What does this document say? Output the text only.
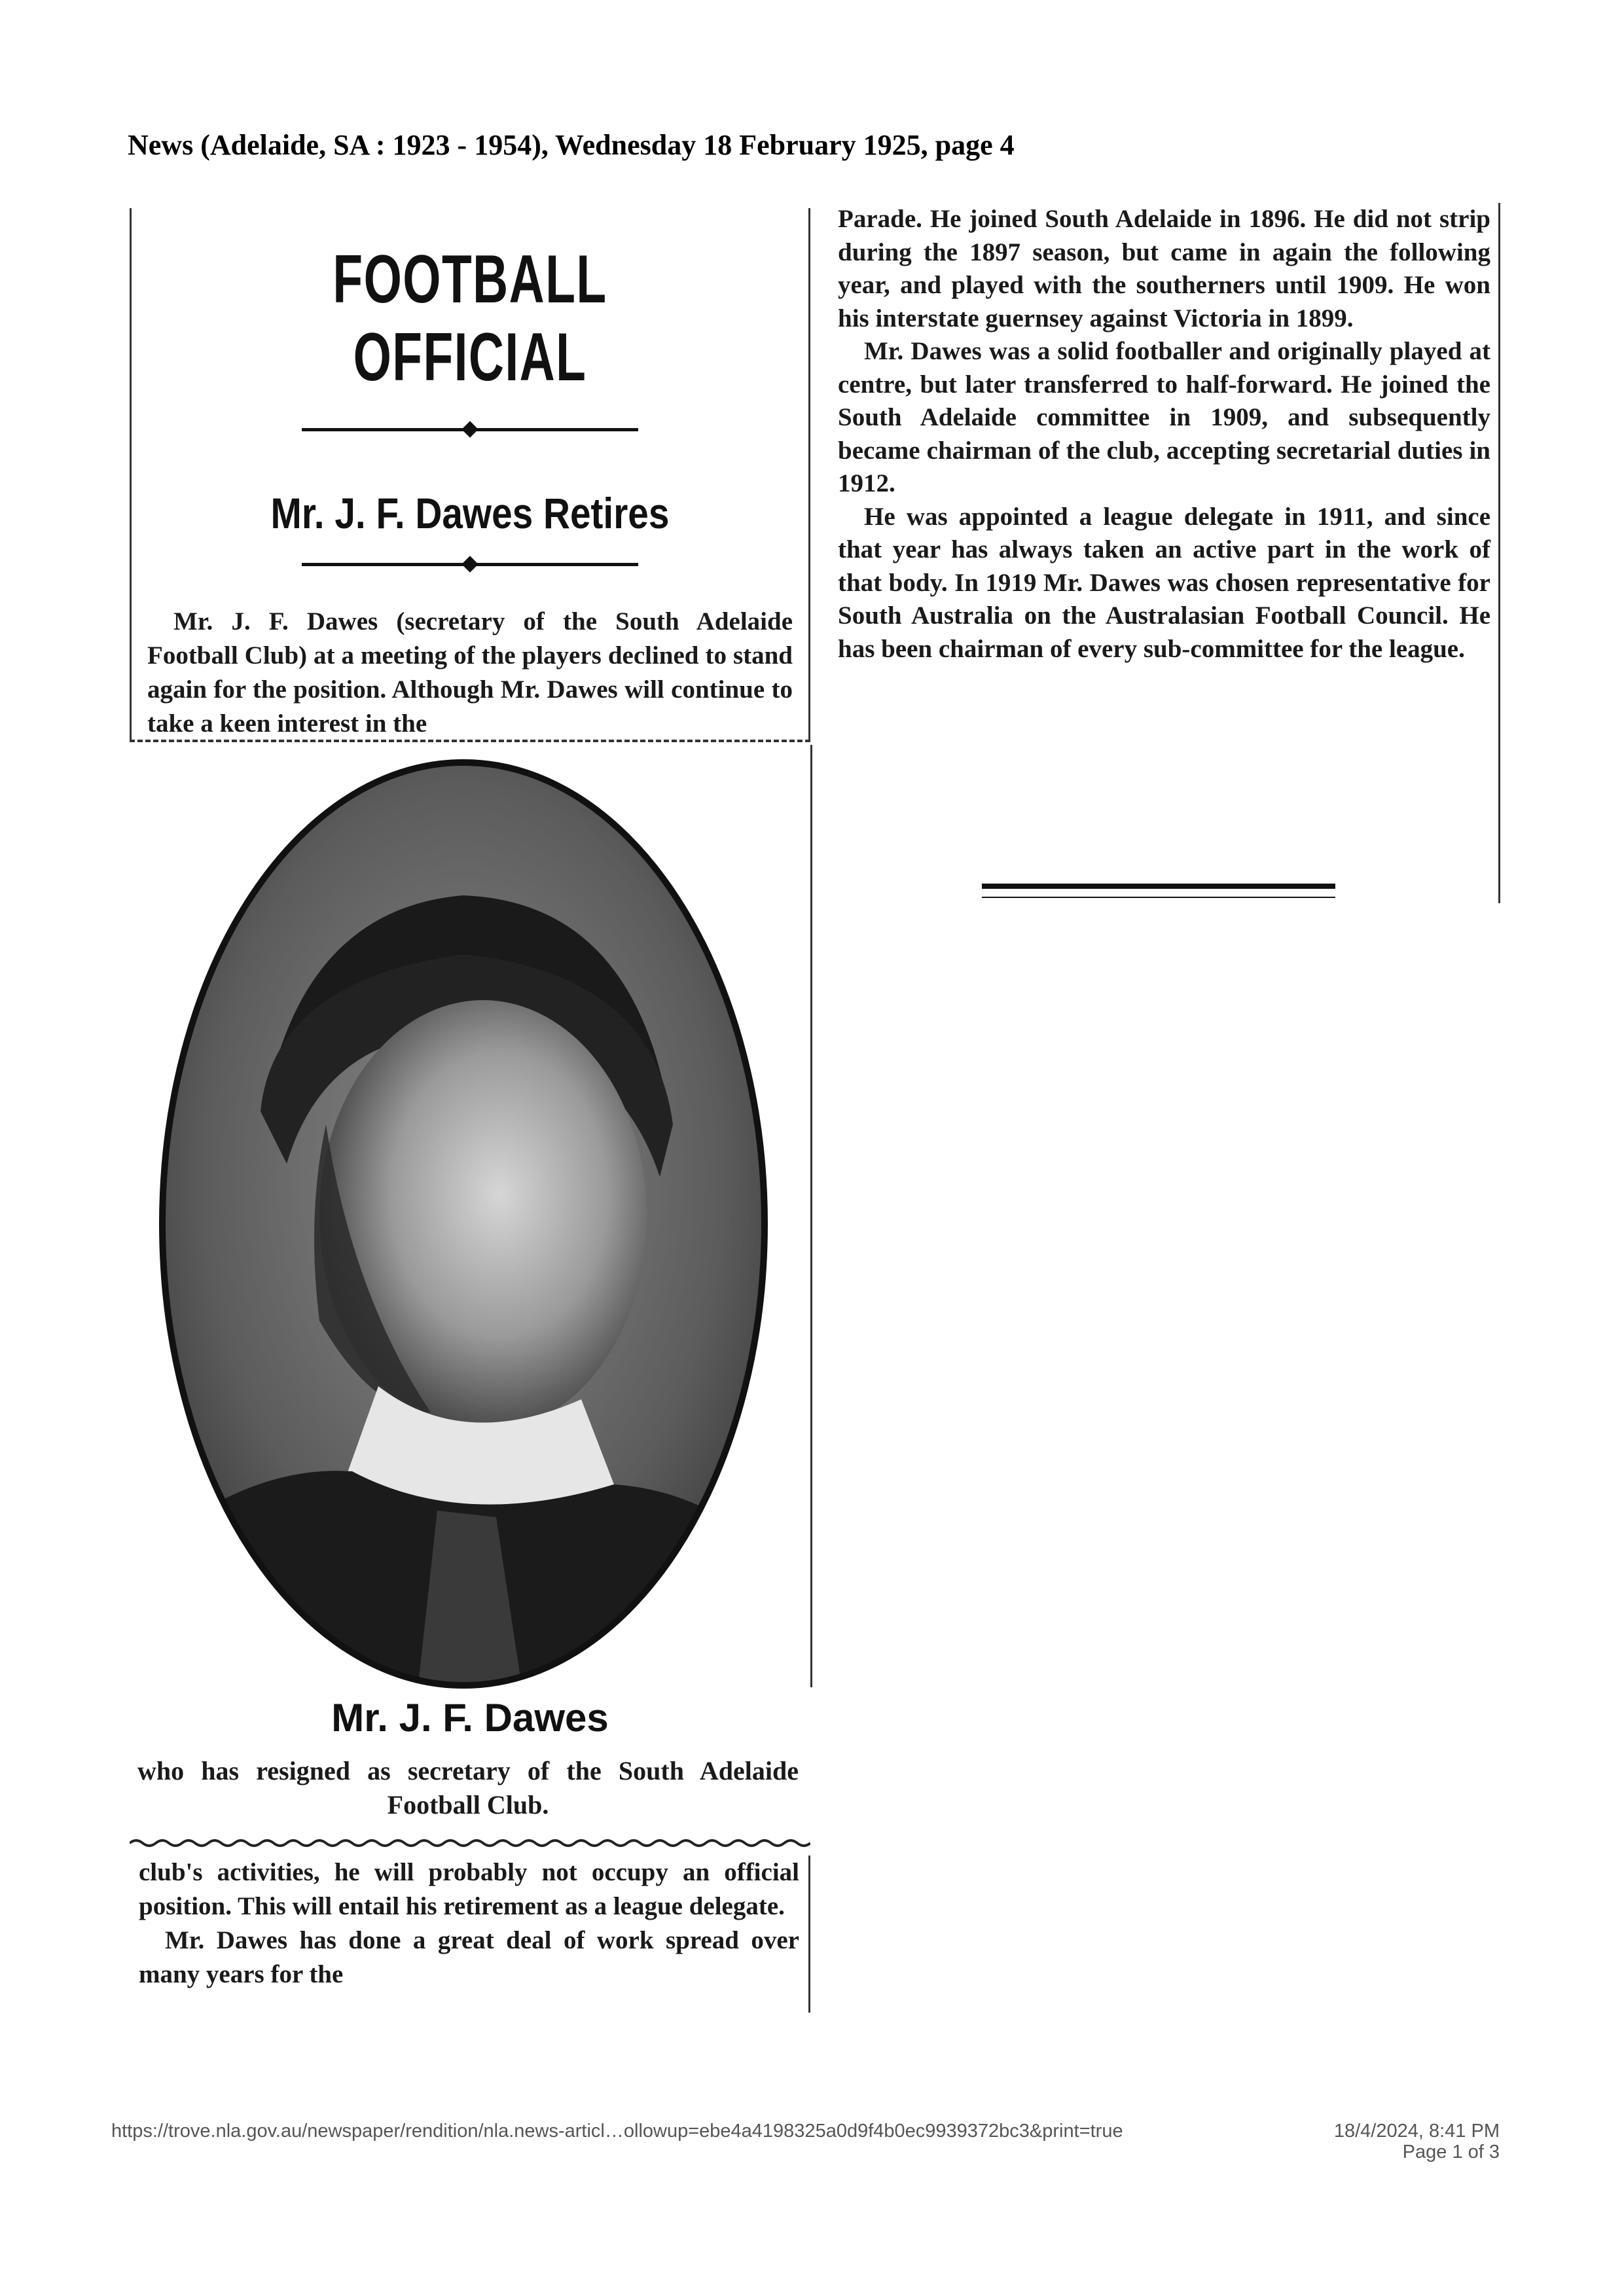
News (Adelaide, SA : 1923 - 1954), Wednesday 18 February 1925, page 4
FOOTBALL OFFICIAL
Mr. J. F. Dawes Retires

Mr. J. F. Dawes (secretary of the South Adelaide Football Club) at a meeting of the players declined to stand again for the position. Although Mr. Dawes will continue to take a keen interest in the

Mr. J. F. Dawes
who has resigned as secretary of the South Adelaide Football Club.

club's activities, he will probably not occupy an official position. This will entail his retirement as a league delegate.

Mr. Dawes has done a great deal of work spread over many years for the

Parade. He joined South Adelaide in 1896. He did not strip during the 1897 season, but came in again the following year, and played with the southerners until 1909. He won his interstate guernsey against Victoria in 1899.

Mr. Dawes was a solid footballer and originally played at centre, but later transferred to half-forward. He joined the South Adelaide committee in 1909, and subsequently became chairman of the club, accepting secretarial duties in 1912.

He was appointed a league delegate in 1911, and since that year has always taken an active part in the work of that body. In 1919 Mr. Dawes was chosen representative for South Australia on the Australasian Football Council. He has been chairman of every sub-committee for the league.

https://trove.nla.gov.au/newspaper/rendition/nla.news-articl…ollowup=ebe4a4198325a0d9f4b0ec9939372bc3&print=true	18/4/2024, 8:41 PM
Page 1 of 3
